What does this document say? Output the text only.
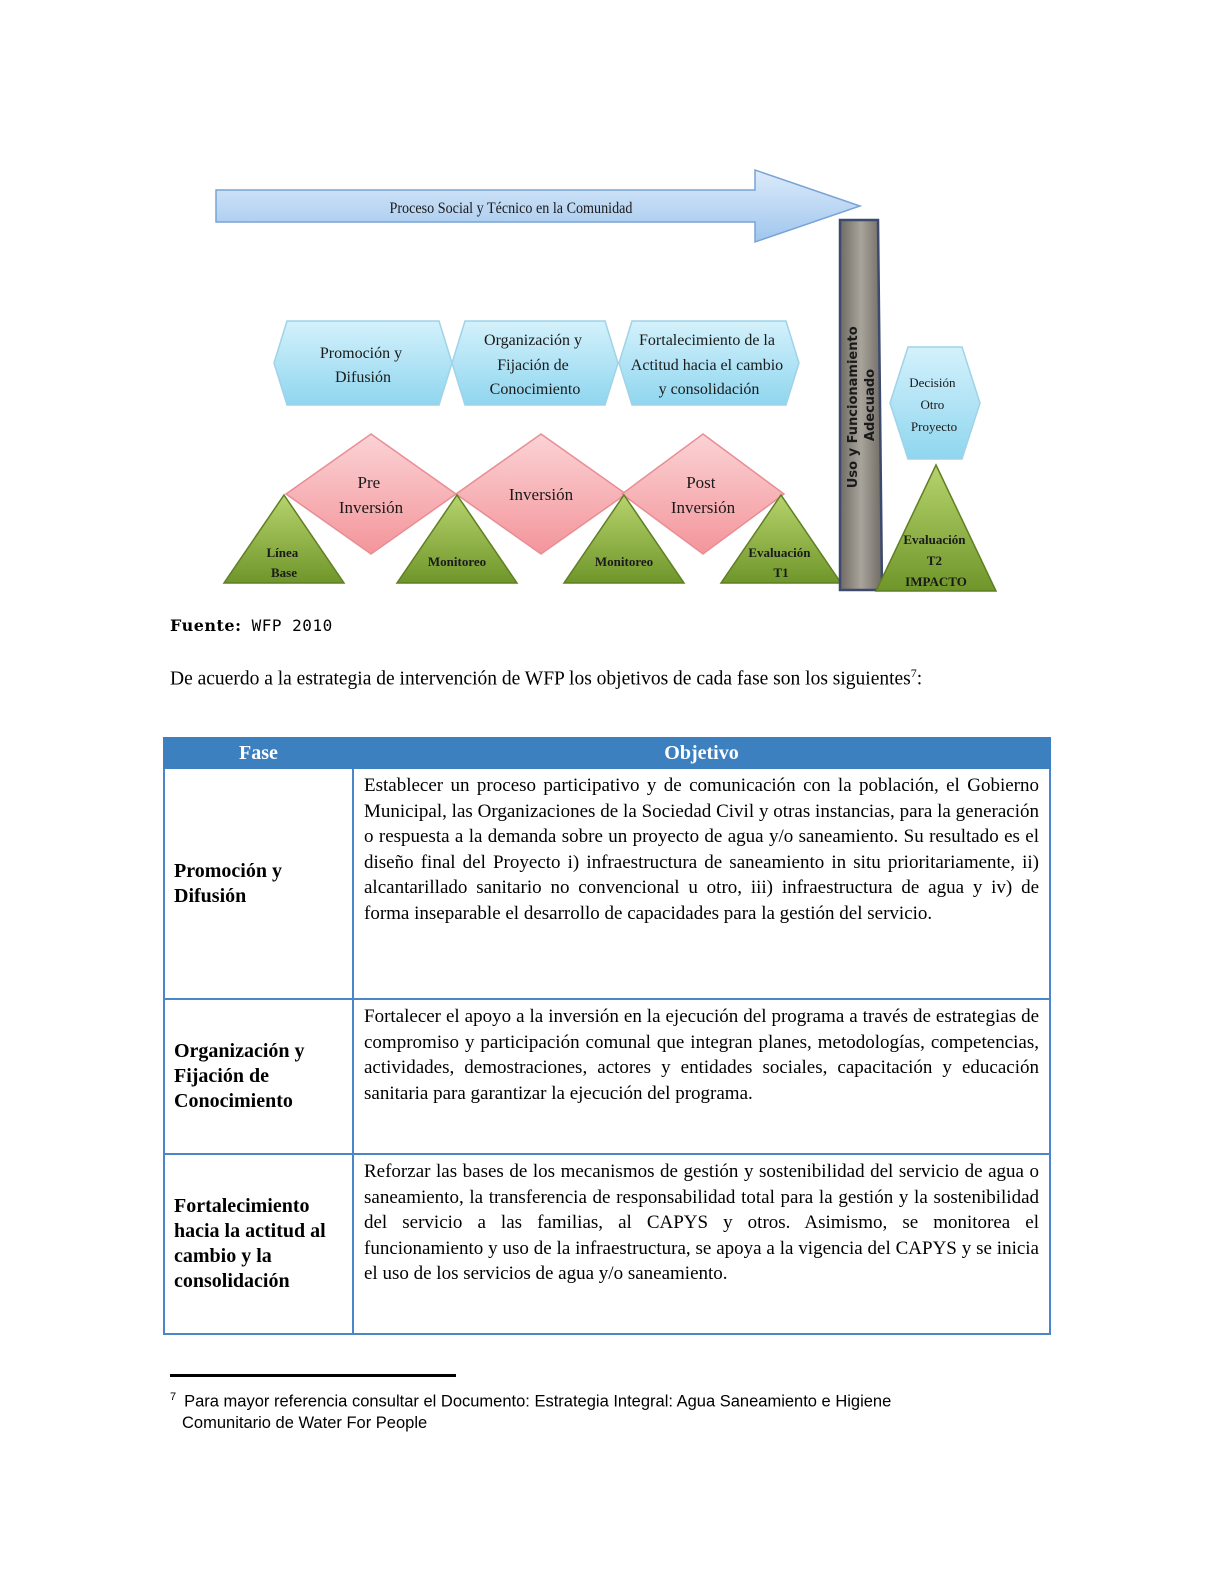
Proceso Social y Técnico en la Comunidad
Promoción y Difusión
Organización y Fijación de Conocimiento
Fortalecimiento de la Actitud hacia el cambio y consolidación
Pre Inversión
Inversión
Post Inversión
Línea Base
Monitoreo	Monitoreo
Evaluación T1
Uso y Funcionamiento Adecuado Decisión Otro Proyecto
Evaluación T2 IMPACTO
Fuente: WFP 2010

De acuerdo a la estrategia de intervención de WFP los objetivos de cada fase son los siguientes$^7$:

Fase	Objetivo
Promoción y Difusión	Establecer un proceso participativo y de comunicación con la población, el Gobierno Municipal, las Organizaciones de la Sociedad Civil y otras instancias, para la generación o respuesta a la demanda sobre un proyecto de agua y/o saneamiento. Su resultado es el diseño final del Proyecto i) infraestructura de saneamiento in situ prioritariamente, ii) alcantarillado sanitario no convencional u otro, iii) infraestructura de agua y iv) de forma inseparable el desarrollo de capacidades para la gestión del servicio.
Organización y Fijación de Conocimiento	Fortalecer el apoyo a la inversión en la ejecución del programa a través de estrategias de compromiso y participación comunal que integran planes, metodologías, competencias, actividades, demostraciones, actores y entidades sociales, capacitación y educación sanitaria para garantizar la ejecución del programa.
Fortalecimiento hacia la actitud al cambio y la consolidación	Reforzar las bases de los mecanismos de gestión y sostenibilidad del servicio de agua o saneamiento, la transferencia de responsabilidad total para la gestión y la sostenibilidad del servicio a las familias, al CAPYS y otros. Asimismo, se monitorea el funcionamiento y uso de la infraestructura, se apoya a la vigencia del CAPYS y se inicia el uso de los servicios de agua y/o saneamiento.
$^7$ Para mayor referencia consultar el Documento: Estrategia Integral: Agua Saneamiento e Higiene
Comunitario de Water For People
